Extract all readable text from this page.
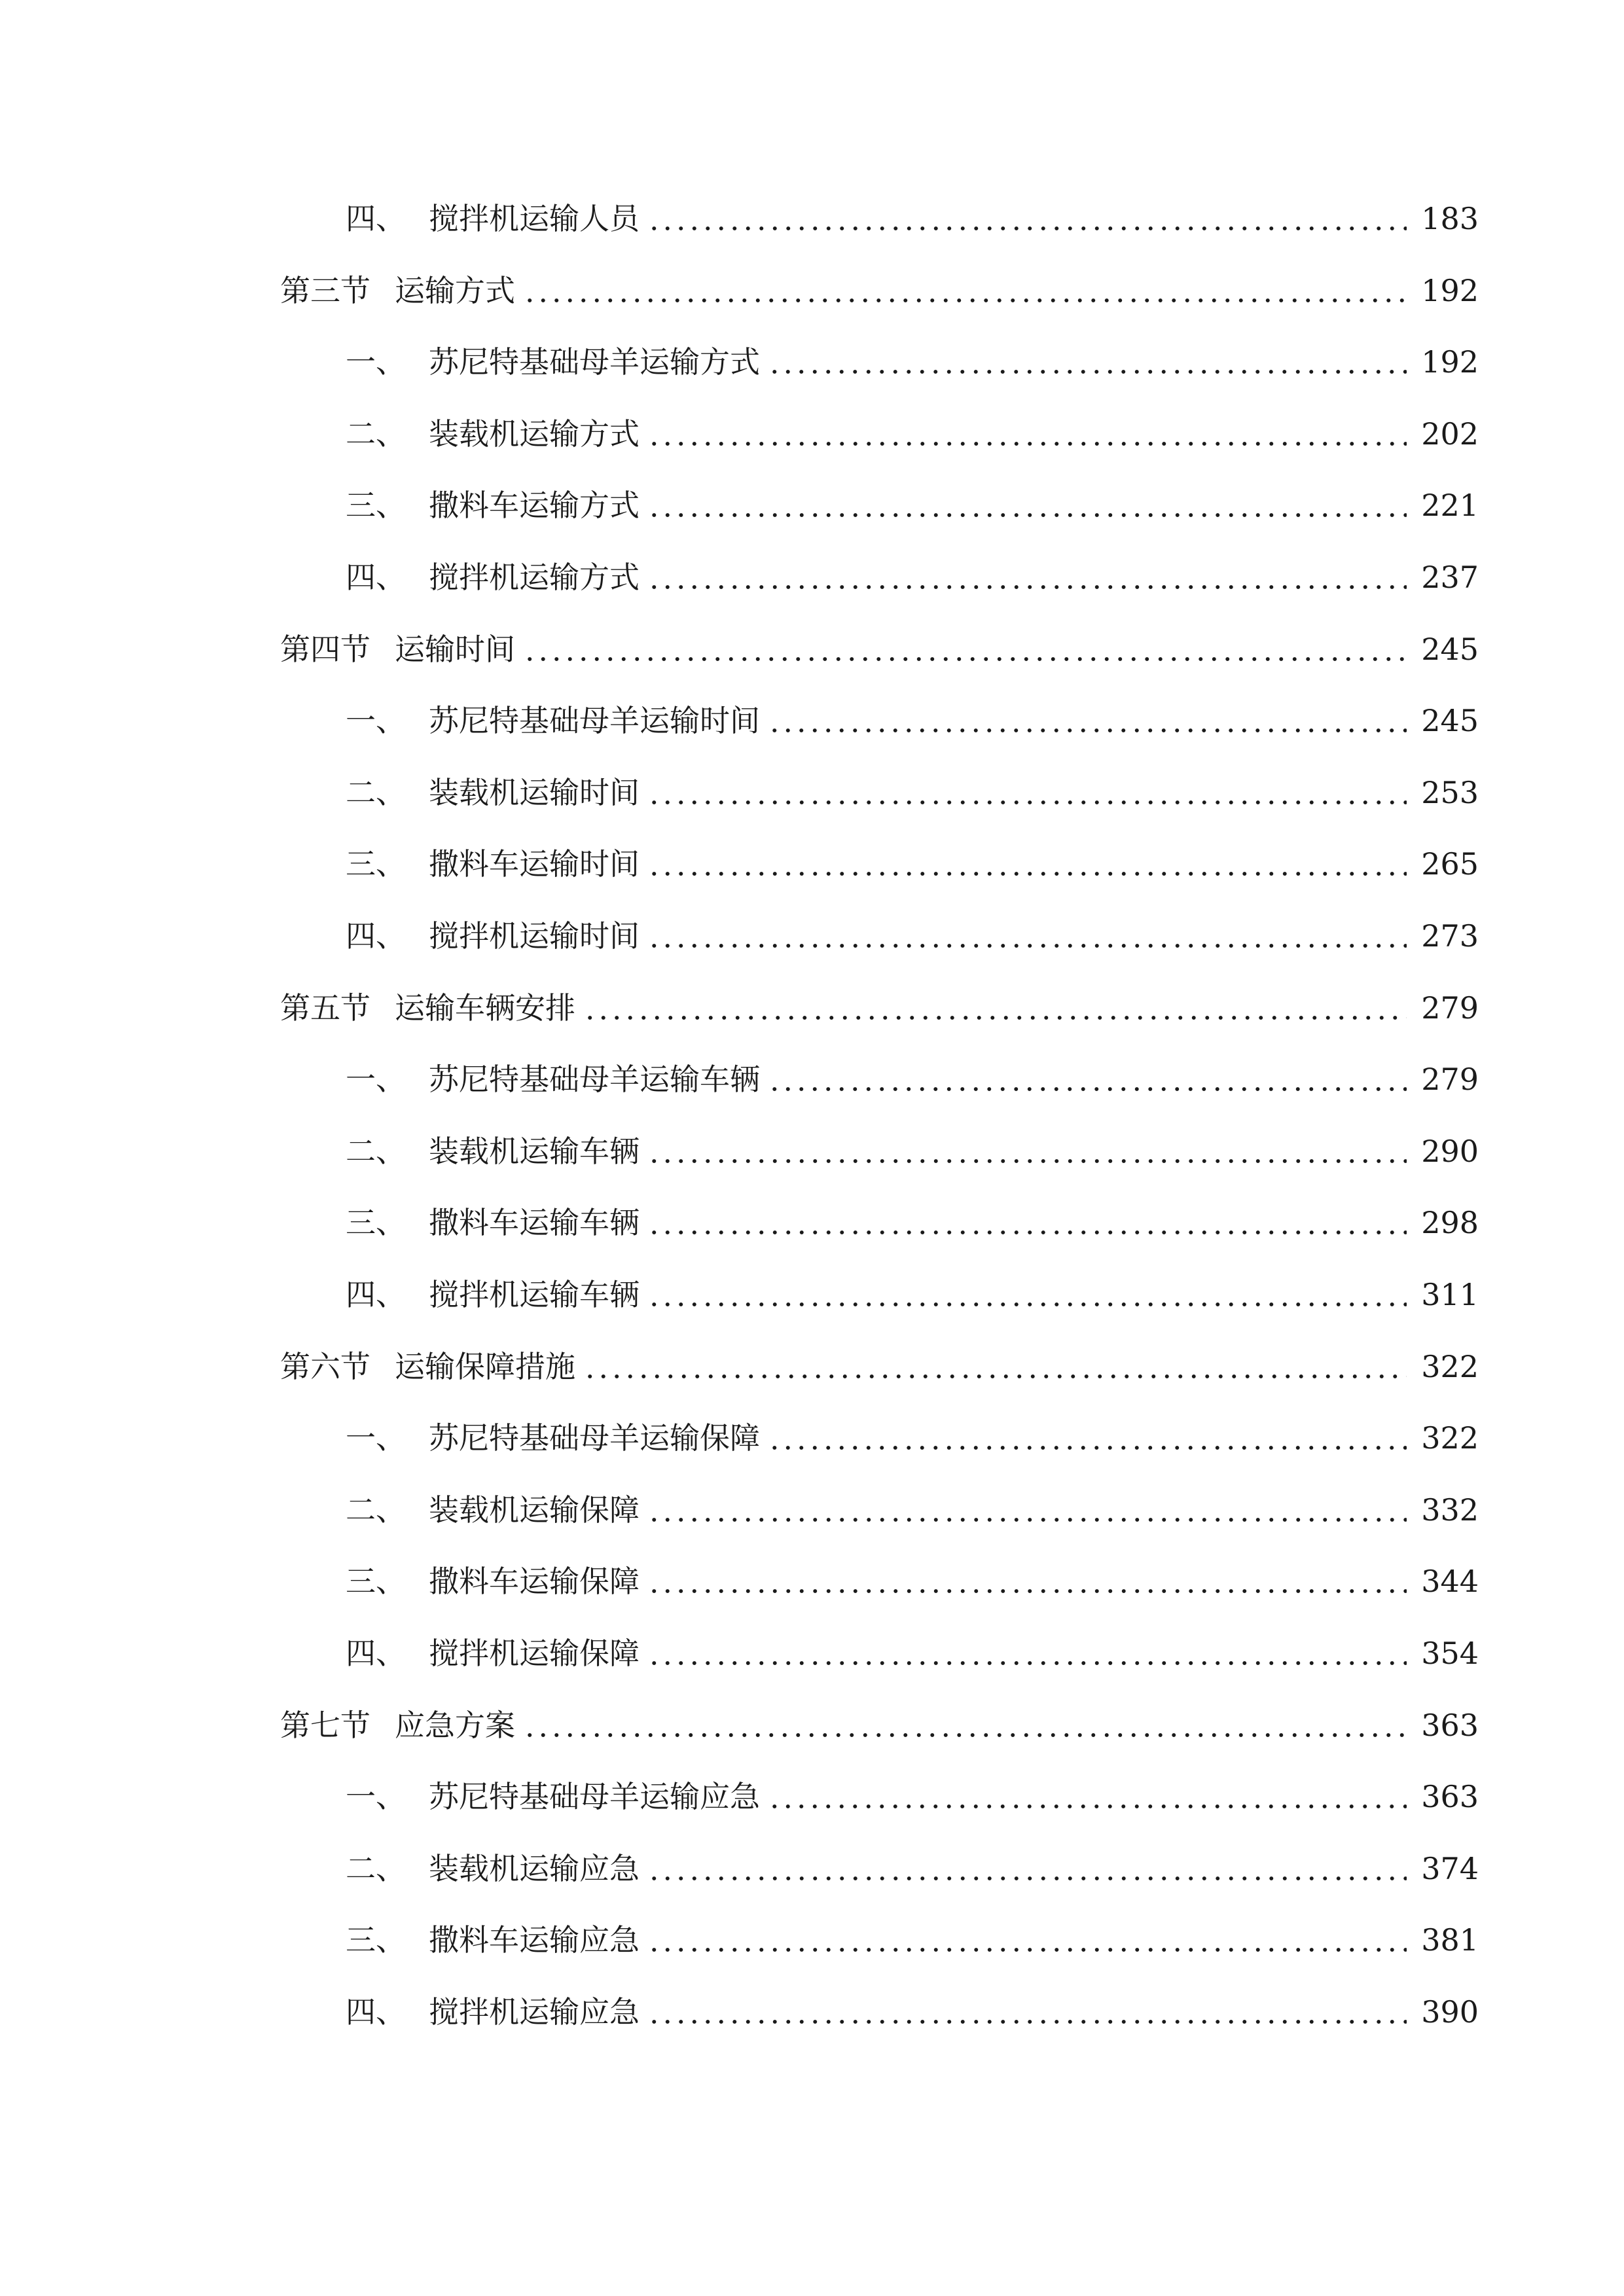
四、 搅拌机运输人员	183
第三节 运输方式	192
一、 苏尼特基础母羊运输方式	192
二、 装载机运输方式	202
三、 撒料车运输方式	221
四、 搅拌机运输方式	237
第四节 运输时间	245
一、 苏尼特基础母羊运输时间	245
二、 装载机运输时间	253
三、 撒料车运输时间	265
四、 搅拌机运输时间	273
第五节 运输车辆安排	279
一、 苏尼特基础母羊运输车辆	279
二、 装载机运输车辆	290
三、 撒料车运输车辆	298
四、 搅拌机运输车辆	311
第六节 运输保障措施	322
一、 苏尼特基础母羊运输保障	322
二、 装载机运输保障	332
三、 撒料车运输保障	344
四、 搅拌机运输保障	354
第七节 应急方案	363
一、 苏尼特基础母羊运输应急	363
二、 装载机运输应急	374
三、 撒料车运输应急	381
四、 搅拌机运输应急	390
